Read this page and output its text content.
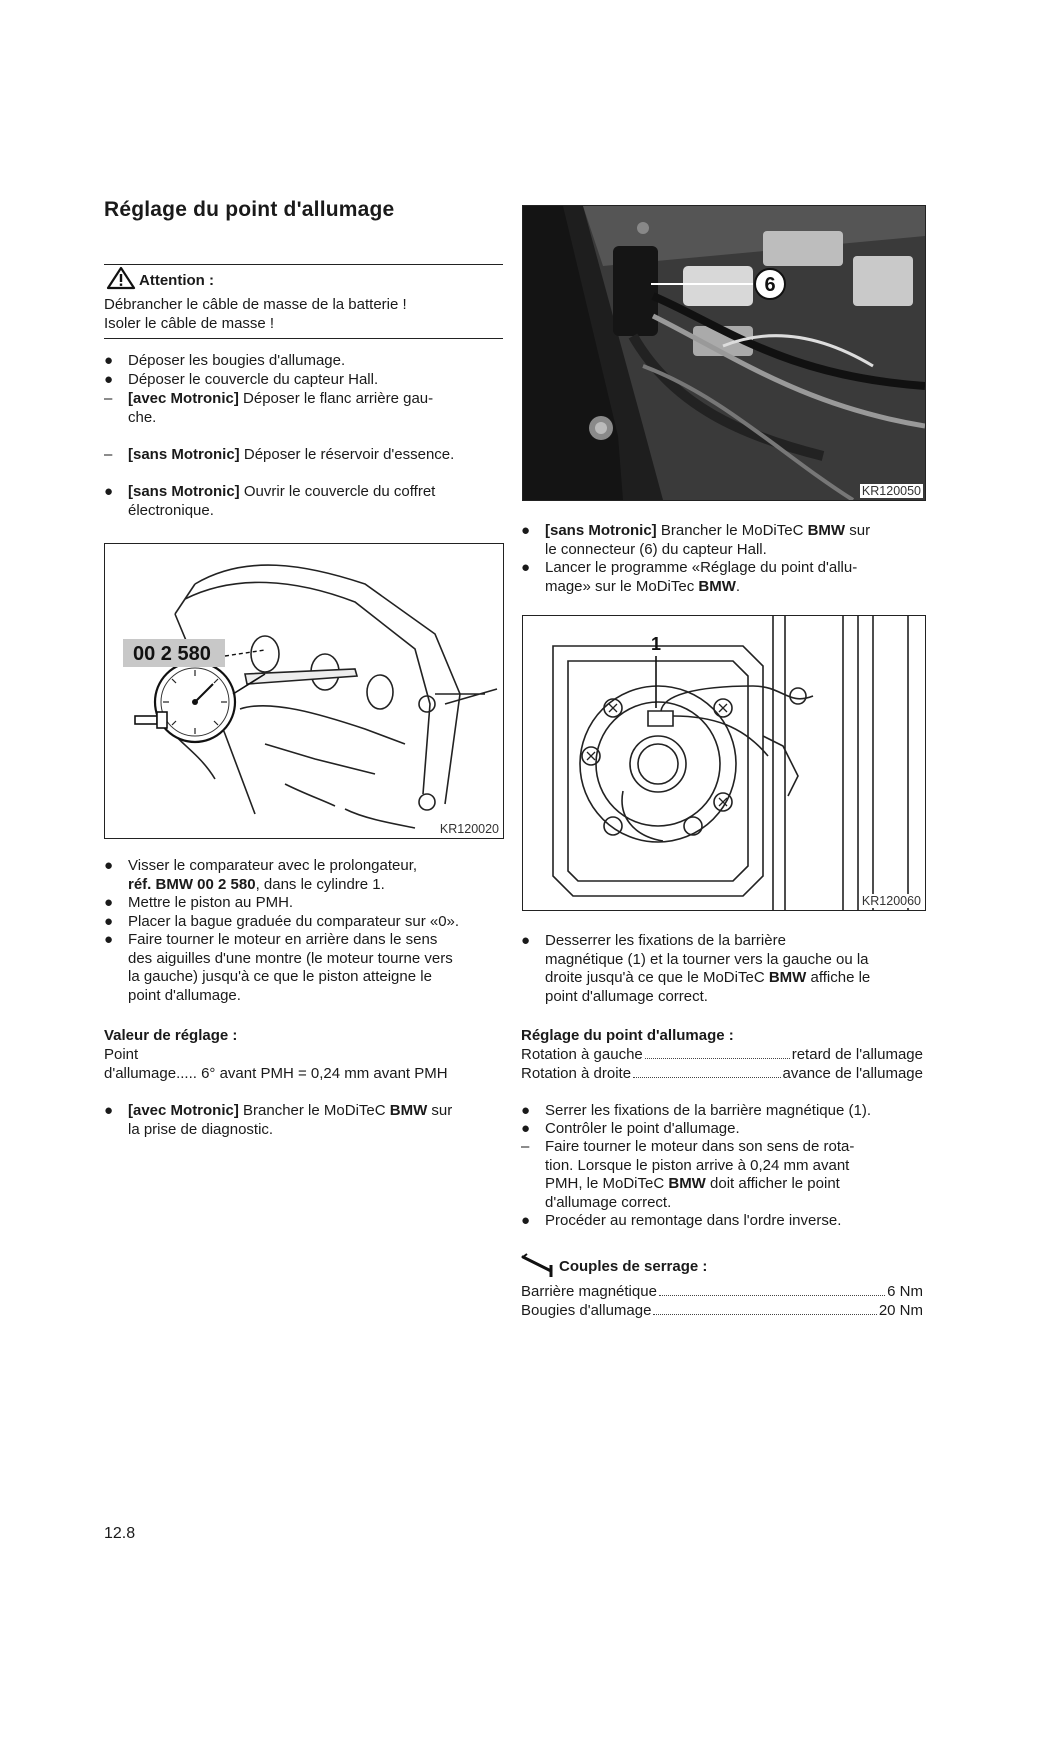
Réglage du point d'allumage
Attention :
Débrancher le câble de masse de la batterie !
Isoler le câble de masse !
● Déposer les bougies d'allumage.
● Déposer le couvercle du capteur Hall.
–	[avec Motronic] Déposer le flanc arrière gau-
che.
–	[sans Motronic] Déposer le réservoir d'essence.
● [sans Motronic] Ouvrir le couvercle du coffret
électronique.
00 2 580
KR120020
● Visser le comparateur avec le prolongateur,
réf. BMW 00 2 580, dans le cylindre 1.
● Mettre le piston au PMH.
● Placer la bague graduée du comparateur sur «0».
● Faire tourner le moteur en arrière dans le sens
des aiguilles d'une montre (le moteur tourne vers
la gauche) jusqu'à ce que le piston atteigne le
point d'allumage.
Valeur de réglage :
Point
d'allumage..... 6° avant PMH = 0,24 mm avant PMH
● [avec Motronic] Brancher le MoDiTeC BMW sur
la prise de diagnostic.
6
KR120050
● [sans Motronic] Brancher le MoDiTeC BMW sur
le connecteur (6) du capteur Hall.
● Lancer le programme «Réglage du point d'allu-
mage» sur le MoDiTec BMW.
1
KR120060
● Desserrer les fixations de la barrière
magnétique (1) et la tourner vers la gauche ou la
droite jusqu'à ce que le MoDiTeC BMW affiche le
point d'allumage correct.
Réglage du point d'allumage :
Rotation à gauche	retard de l'allumage
Rotation à droite	avance de l'allumage
● Serrer les fixations de la barrière magnétique (1).
● Contrôler le point d'allumage.
–	Faire tourner le moteur dans son sens de rota-
tion. Lorsque le piston arrive à 0,24 mm avant
PMH, le MoDiTeC BMW doit afficher le point
d'allumage correct.
● Procéder au remontage dans l'ordre inverse.
Couples de serrage :
Barrière magnétique	6 Nm
Bougies d'allumage	20 Nm
12.8
